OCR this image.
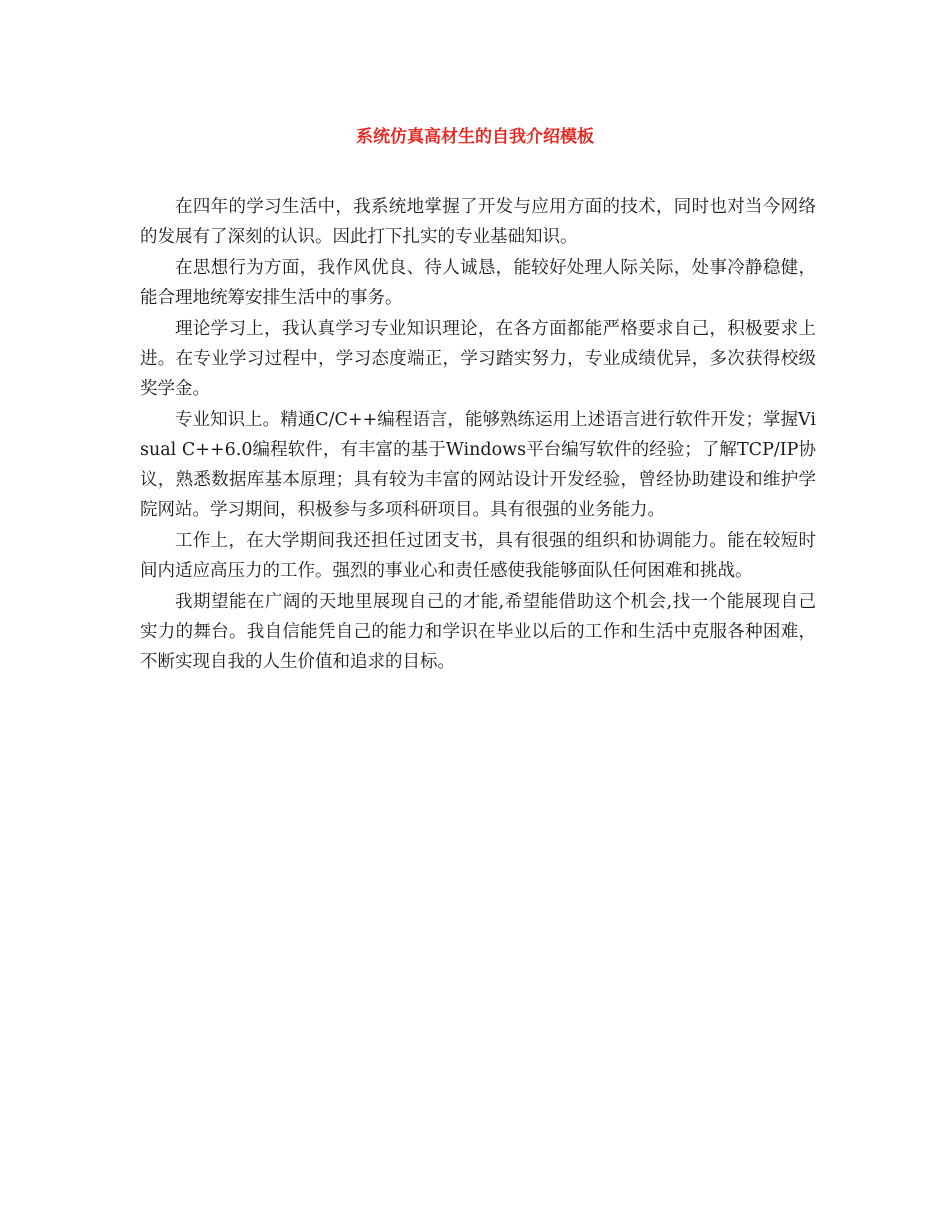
系统仿真高材生的自我介绍模板

在四年的学习生活中，我系统地掌握了开发与应用方面的技术，同时也对当今网络的发展有了深刻的认识。因此打下扎实的专业基础知识。

在思想行为方面，我作风优良、待人诚恳，能较好处理人际关际，处事冷静稳健，能合理地统筹安排生活中的事务。

理论学习上，我认真学习专业知识理论，在各方面都能严格要求自己，积极要求上进。在专业学习过程中，学习态度端正，学习踏实努力，专业成绩优异，多次获得校级奖学金。

专业知识上。精通C/C++编程语言，能够熟练运用上述语言进行软件开发；掌握Visual C++6.0编程软件，有丰富的基于Windows平台编写软件的经验；了解TCP/IP协议，熟悉数据库基本原理；具有较为丰富的网站设计开发经验，曾经协助建设和维护学院网站。学习期间，积极参与多项科研项目。具有很强的业务能力。

工作上，在大学期间我还担任过团支书，具有很强的组织和协调能力。能在较短时间内适应高压力的工作。强烈的事业心和责任感使我能够面队任何困难和挑战。

我期望能在广阔的天地里展现自己的才能,希望能借助这个机会,找一个能展现自己实力的舞台。我自信能凭自己的能力和学识在毕业以后的工作和生活中克服各种困难，不断实现自我的人生价值和追求的目标。
